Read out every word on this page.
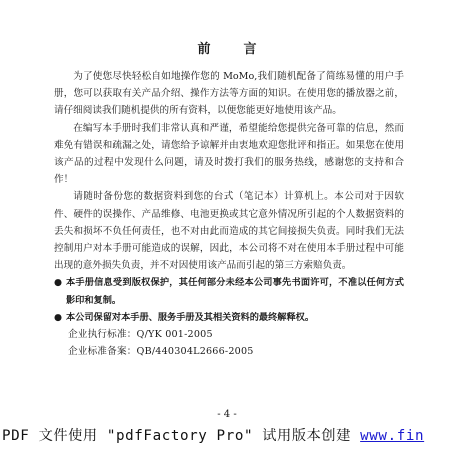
前　言

为了使您尽快轻松自如地操作您的 MoMo,我们随机配备了简练易懂的用户手册，您可以获取有关产品介绍、操作方法等方面的知识。在使用您的播放器之前，请仔细阅读我们随机提供的所有资料，以便您能更好地使用该产品。

在编写本手册时我们非常认真和严谨，希望能给您提供完备可靠的信息，然而难免有错误和疏漏之处，请您给予谅解并由衷地欢迎您批评和指正。如果您在使用该产品的过程中发现什么问题，请及时拨打我们的服务热线，感谢您的支持和合作！

请随时备份您的数据资料到您的台式（笔记本）计算机上。本公司对于因软件、硬件的误操作、产品维修、电池更换或其它意外情况所引起的个人数据资料的丢失和损坏不负任何责任，也不对由此而造成的其它间接损失负责。同时我们无法控制用户对本手册可能造成的误解，因此，本公司将不对在使用本手册过程中可能出现的意外损失负责，并不对因使用该产品而引起的第三方索赔负责。

● 本手册信息受到版权保护，其任何部分未经本公司事先书面许可，不准以任何方式影印和复制。

● 本公司保留对本手册、服务手册及其相关资料的最终解释权。

企业执行标准：Q/YK 001-2005

企业标准备案：QB/440304L2666-2005

- 4 -
PDF 文件使用 "pdfFactory Pro" 试用版本创建 www.fin
